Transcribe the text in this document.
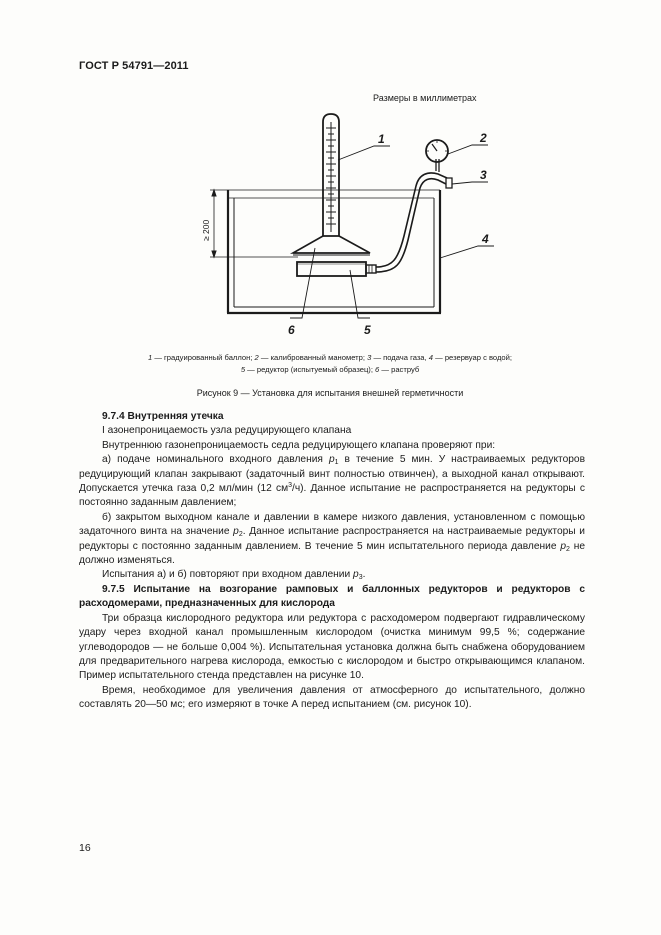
ГОСТ Р 54791—2011
Размеры в миллиметрах
≥ 200
1	2
3
4
6	5
1 — градуированный баллон; 2 — калиброванный манометр; 3 — подача газа, 4 — резервуар с водой;
5 — редуктор (испытуемый образец); 6 — раструб
Рисунок 9 — Установка для испытания внешней герметичности

9.7.4 Внутренняя утечка

I азонепроницаемость узла редуцирующего клапана

Внутреннюю газонепроницаемость седла редуцирующего клапана проверяют при:

а) подаче номинального входного давления $p_1$ в течение 5 мин. У настраиваемых редукторов редуцирующий клапан закрывают (задаточный винт полностью отвинчен), а выходной канал открывают. Допускается утечка газа 0,2 мл/мин (12 $см^3/ч$). Данное испытание не распространяется на редукторы с постоянно заданным давлением;

б) закрытом выходном канале и давлении в камере низкого давления, установленном с помощью задаточного винта на значение $p_2$. Данное испытание распространяется на настраиваемые редукторы и редукторы с постоянно заданным давлением. В течение 5 мин испытательного периода давление $p_2$ не должно изменяться.

Испытания а) и б) повторяют при входном давлении $p_3$.

9.7.5 Испытание на возгорание рамповых и баллонных редукторов и редукторов с расходомерами, предназначенных для кислорода

Три образца кислородного редуктора или редуктора с расходомером подвергают гидравлическому удару через входной канал промышленным кислородом (очистка минимум 99,5 %; содержание углеводородов — не больше 0,004 %). Испытательная установка должна быть снабжена оборудованием для предварительного нагрева кислорода, емкостью с кислородом и быстро открывающимся клапаном. Пример испытательного стенда представлен на рисунке 10.

Время, необходимое для увеличения давления от атмосферного до испытательного, должно составлять 20—50 мс; его измеряют в точке А перед испытанием (см. рисунок 10).

16
